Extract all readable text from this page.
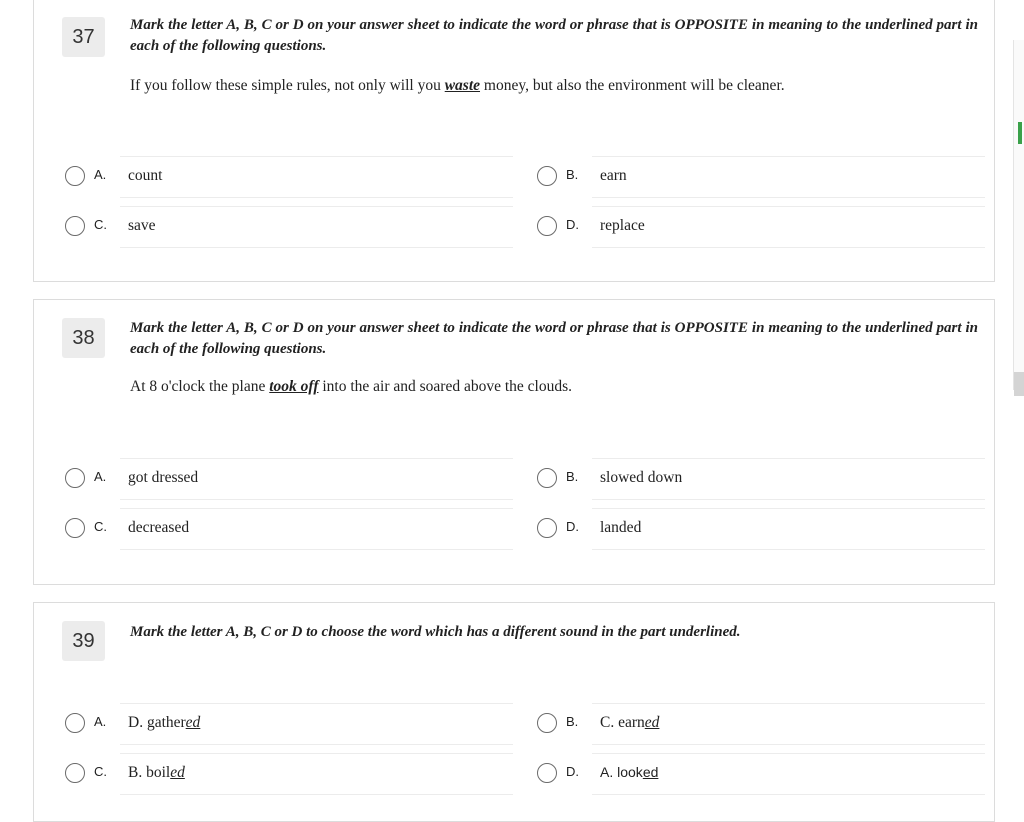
37
Mark the letter A, B, C or D on your answer sheet to indicate the word or phrase that is OPPOSITE in meaning to the underlined part in each of the following questions.
If you follow these simple rules, not only will you waste money, but also the environment will be cleaner.
A.	count	B.	earn
C.	save	D.	replace
38	Mark the letter A, B, C or D on your answer sheet to indicate the word or phrase that is OPPOSITE in meaning to the underlined part in each of the following questions.
At 8 o'clock the plane took off into the air and soared above the clouds.
A.	got dressed	B.	slowed down
C.	decreased	D.	landed
39	Mark the letter A, B, C or D to choose the word which has a different sound in the part underlined.
A.	D. gathered	B.	C. earned
C.	B. boiled	D.	A. looked
